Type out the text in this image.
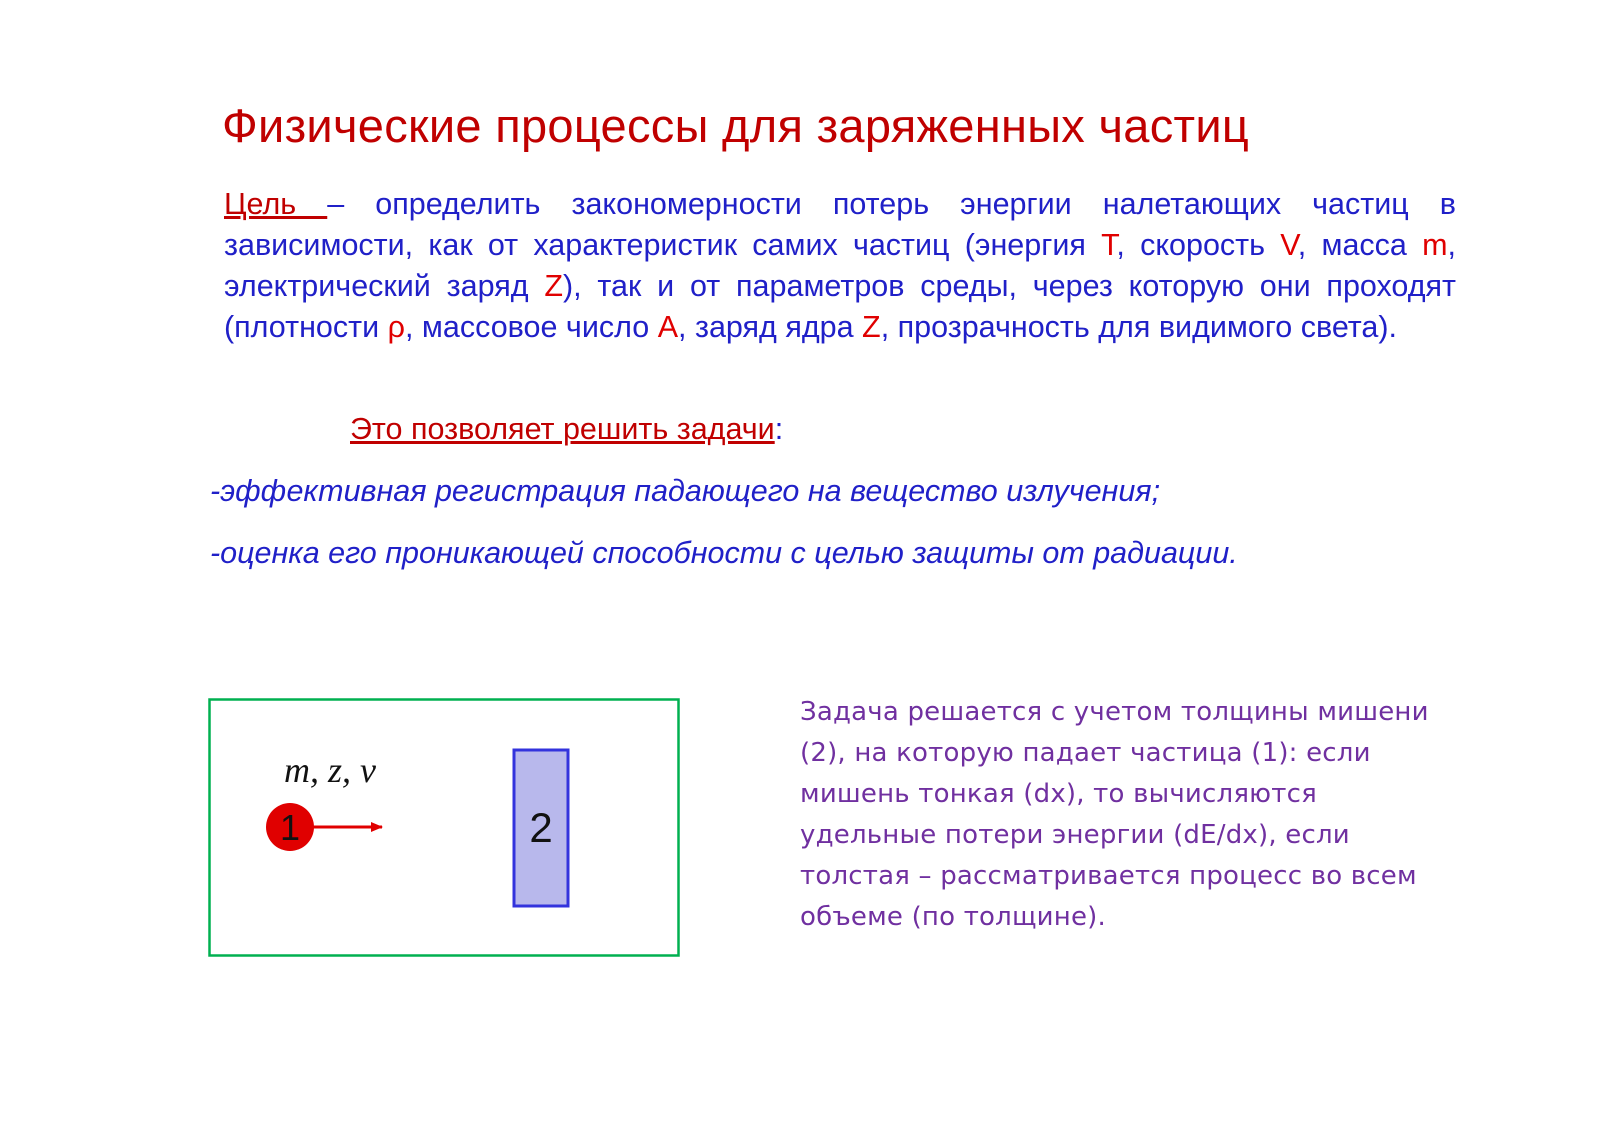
Физические процессы для заряженных частиц

Цель – определить закономерности потерь энергии налетающих частиц в зависимости, как от характеристик самих частиц (энергия T, скорость V, масса m, электрический заряд Z), так и от параметров среды, через которую они проходят (плотности ρ, массовое число A, заряд ядра Z, прозрачность для видимого света).

Это позволяет решить задачи:

-эффективная регистрация падающего на вещество излучения;

-оценка его проникающей способности с целью защиты от радиации.

m, z, v
1	2

Задача решается с учетом толщины мишени (2), на которую падает частица (1): если мишень тонкая (dx), то вычисляются удельные потери энергии (dE/dx), если толстая – рассматривается процесс во всем объеме (по толщине).
